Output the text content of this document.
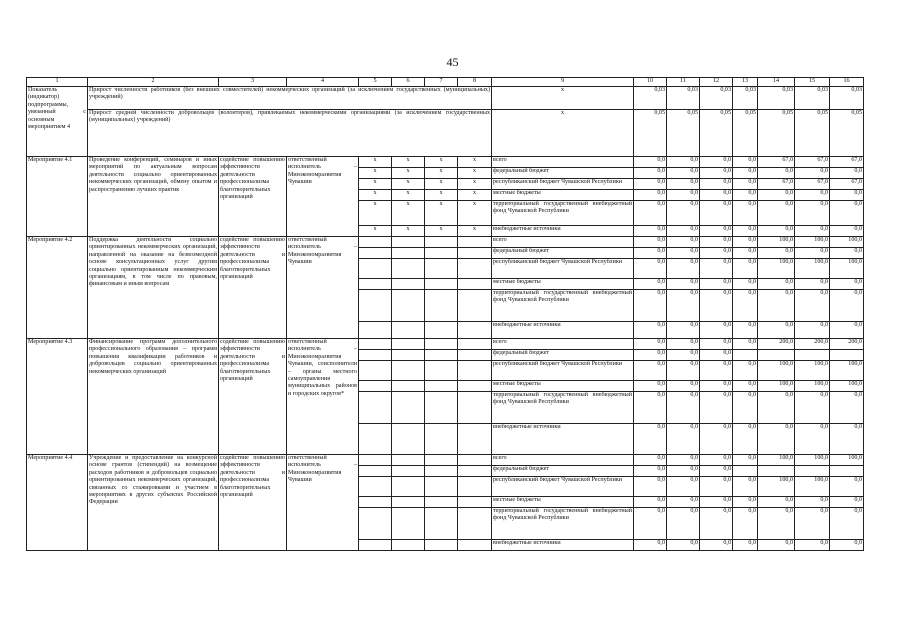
45
1	2	3	4	5	6	7	8	9	10	11	12	13	14	15	16
Показатель (индикатор) подпрограммы, увязанный с основным мероприятием 4	Прирост численности работников (без внешних совместителей) некоммерческих организаций (за исключением государственных (муниципальных) учреждений)							х	0,03	0,03	0,03	0,03	0,03	0,03	0,03
	Прирост средней численности добровольцев (волонтеров), привлекаемых некоммерческими организациями (за исключением государственных (муниципальных) учреждений)							х	0,05	0,05	0,05	0,05	0,05	0,05	0,05
Мероприятие 4.1	Проведение конференций, семинаров и иных мероприятий по актуальным вопросам деятельности социально ориентированных некоммерческих организаций, обмену опытом и распространению лучших практик	содействие повышению эффективности деятельности профессионализма благотворительных организаций	ответственный исполнитель – Минэкономразвития Чувашии	х	х	х	х	всего	0,0	0,0	0,0	0,0	67,0	67,0	67,0
				х	х	х	х	федеральный бюджет	0,0	0,0	0,0	0,0	0,0	0,0	0,0
				х	х	х	х	республиканский бюджет Чувашской Республики	0,0	0,0	0,0	0,0	67,0	67,0	67,0
				х	х	х	х	местные бюджеты	0,0	0,0	0,0	0,0	0,0	0,0	0,0
				х	х	х	х	территориальный государственный внебюджетный фонд Чувашской Республики	0,0	0,0	0,0	0,0	0,0	0,0	0,0
				х	х	х	х	внебюджетные источники	0,0	0,0	0,0	0,0	0,0	0,0	0,0
Мероприятие 4.2	Поддержка деятельности социально ориентированных некоммерческих организаций, направленной на оказание на безвозмездной основе консультационных услуг другим социально ориентированным некоммерческим организациям, в том числе по правовым, финансовым и иным вопросам	содействие повышению эффективности деятельности и профессионализма благотворительных организаций	ответственный исполнитель – Минэкономразвития Чувашии					всего	0,0	0,0	0,0	0,0	100,0	100,0	100,0
								федеральный бюджет	0,0	0,0	0,0	0,0	0,0	0,0	0,0
								республиканский бюджет Чувашской Республики	0,0	0,0	0,0	0,0	100,0	100,0	100,0
								местные бюджеты	0,0	0,0	0,0	0,0	0,0	0,0	0,0
								территориальный государственный внебюджетный фонд Чувашской Республики	0,0	0,0	0,0	0,0	0,0	0,0	0,0
								внебюджетные источники	0,0	0,0	0,0	0,0	0,0	0,0	0,0
Мероприятие 4.3	Финансирование программ дополнительного профессионального образования – программ повышения квалификации работников и добровольцев социально ориентированных некоммерческих организаций	содействие повышению эффективности деятельности и профессионализма благотворительных организаций	ответственный исполнитель – Минэкономразвития Чувашии, соисполнители – органы местного самоуправления муниципальных районов и городских округов*					всего	0,0	0,0	0,0	0,0	200,0	200,0	200,0
								федеральный бюджет	0,0	0,0	0,0				
								республиканский бюджет Чувашской Республики	0,0	0,0	0,0	0,0	100,0	100,0	100,0
								местные бюджеты	0,0	0,0	0,0	0,0	100,0	100,0	100,0
								территориальный государственный внебюджетный фонд Чувашской Республики	0,0	0,0	0,0	0,0	0,0	0,0	0,0
								внебюджетные источники	0,0	0,0	0,0	0,0	0,0	0,0	0,0
Мероприятие 4.4	Учреждение и предоставление на конкурсной основе грантов (стипендий) на возмещение расходов работников и добровольцев социально ориентированных некоммерческих организаций, связанных со стажировками и участием в мероприятиях в других субъектах Российской Федерации	содействие повышению эффективности деятельности и профессионализма благотворительных организаций	ответственный исполнитель – Минэкономразвития Чувашии					всего	0,0	0,0	0,0	0,0	100,0	100,0	100,0
								федеральный бюджет	0,0	0,0	0,0				
								республиканский бюджет Чувашской Республики	0,0	0,0	0,0	0,0	100,0	100,0	0,0
								местные бюджеты	0,0	0,0	0,0	0,0	0,0	0,0	0,0
								территориальный государственный внебюджетный фонд Чувашской Республики	0,0	0,0	0,0	0,0	0,0	0,0	0,0
								внебюджетные источники	0,0	0,0	0,0	0,0	0,0	0,0	0,0
